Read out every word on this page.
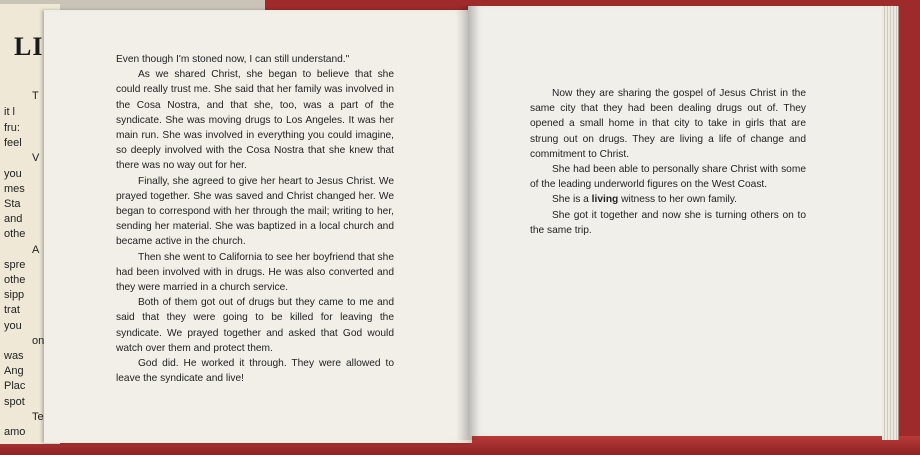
LI
T
it l
fru:
feel
V
you
mes
Sta
and
othe
A
spre
othe
sipp
trat
you
on
was
Ang
Plac
spot
Te
amo

Even though I'm stoned now, I can still understand."

As we shared Christ, she began to believe that she could really trust me. She said that her family was involved in the Cosa Nostra, and that she, too, was a part of the syndicate. She was moving drugs to Los Angeles. It was her main run. She was involved in everything you could imagine, so deeply involved with the Cosa Nostra that she knew that there was no way out for her.

Finally, she agreed to give her heart to Jesus Christ. We prayed together. She was saved and Christ changed her. We began to correspond with her through the mail; writing to her, sending her material. She was baptized in a local church and became active in the church.

Then she went to California to see her boyfriend that she had been involved with in drugs. He was also converted and they were married in a church service.

Both of them got out of drugs but they came to me and said that they were going to be killed for leaving the syndicate. We prayed together and asked that God would watch over them and protect them.

God did. He worked it through. They were allowed to leave the syndicate and live!

Now they are sharing the gospel of Jesus Christ in the same city that they had been dealing drugs out of. They opened a small home in that city to take in girls that are strung out on drugs. They are living a life of change and commitment to Christ.

She had been able to personally share Christ with some of the leading underworld figures on the West Coast.

She is a living witness to her own family.

She got it together and now she is turning others on to the same trip.
